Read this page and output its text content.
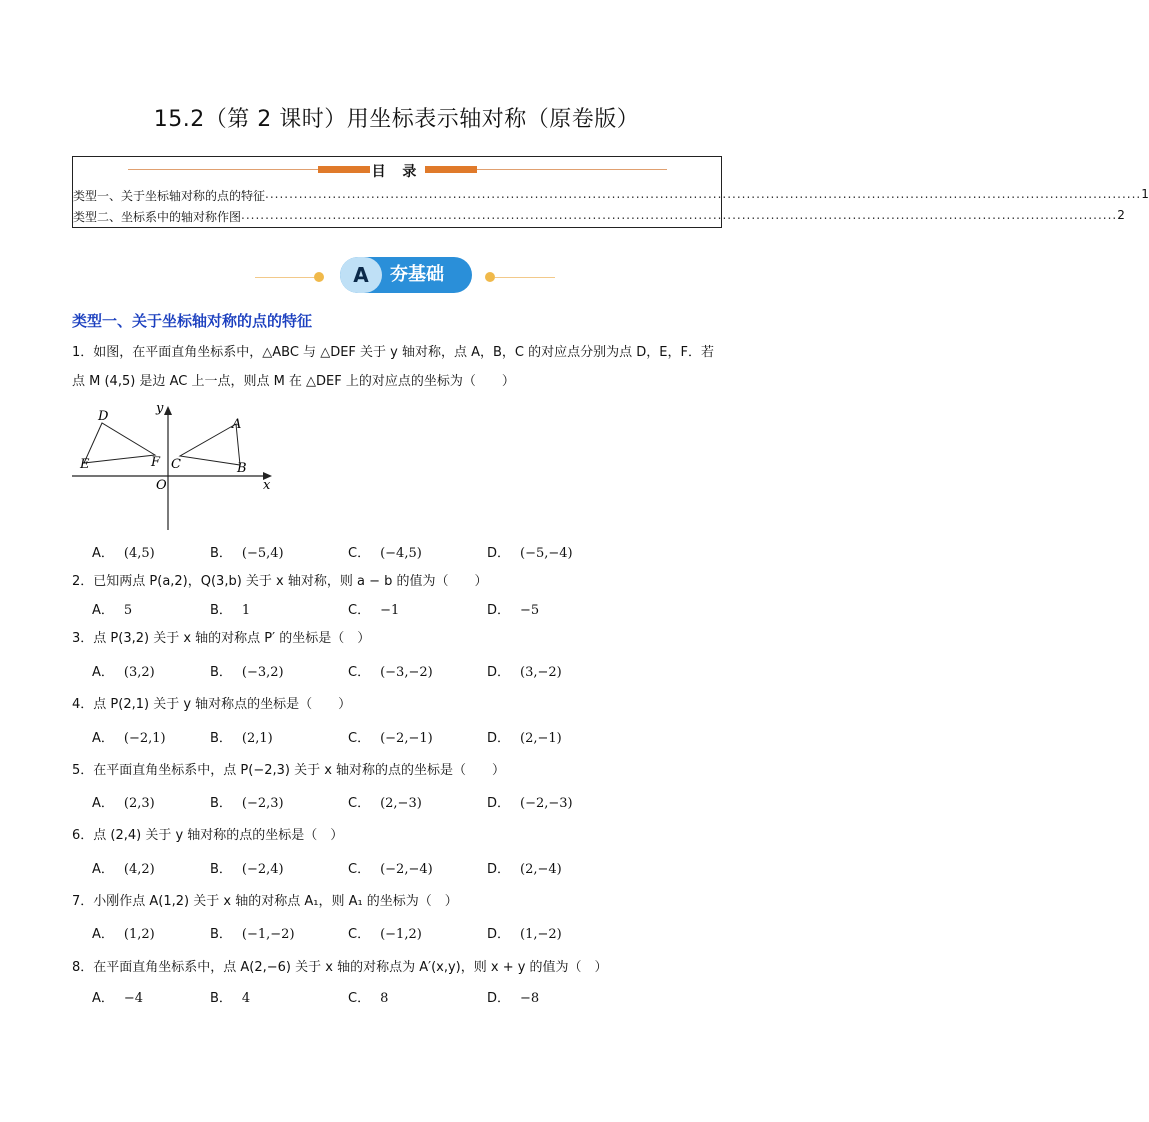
15.2（第 2 课时）用坐标表示轴对称（原卷版）
目 录
类型一、关于坐标轴对称的点的特征 ...................................................................................................................................................................................... 1
类型二、坐标系中的轴对称作图 ...................................................................................................................................................................................... 2
A	夯基础
类型一、关于坐标轴对称的点的特征
1．如图，在平面直角坐标系中，△ABC 与 △DEF 关于 y 轴对称，点 A，B，C 的对应点分别为点 D，E，F．若
点 M (4,5) 是边 AC 上一点，则点 M 在 △DEF 上的对应点的坐标为（　　）
D
E	F
A
B
C
O	x
y
A． (4,5)	B． (−5,4)	C． (−4,5)	D． (−5,−4)
2．已知两点 P(a,2)，Q(3,b) 关于 x 轴对称，则 a − b 的值为（　　）
A． 5	B． 1	C． −1	D． −5
3．点 P(3,2) 关于 x 轴的对称点 P′ 的坐标是（　）
A． (3,2)	B． (−3,2)	C． (−3,−2)	D． (3,−2)
4．点 P(2,1) 关于 y 轴对称点的坐标是（　　）
A． (−2,1)	B． (2,1)	C． (−2,−1)	D． (2,−1)
5．在平面直角坐标系中，点 P(−2,3) 关于 x 轴对称的点的坐标是（　　）
A． (2,3)	B． (−2,3)	C． (2,−3)	D． (−2,−3)
6．点 (2,4) 关于 y 轴对称的点的坐标是（　）
A． (4,2)	B． (−2,4)	C． (−2,−4)	D． (2,−4)
7．小刚作点 A(1,2) 关于 x 轴的对称点 A₁，则 A₁ 的坐标为（　）
A． (1,2)	B． (−1,−2)	C． (−1,2)	D． (1,−2)
8．在平面直角坐标系中，点 A(2,−6) 关于 x 轴的对称点为 A′(x,y)，则 x + y 的值为（　）
A． −4	B． 4	C． 8	D． −8
